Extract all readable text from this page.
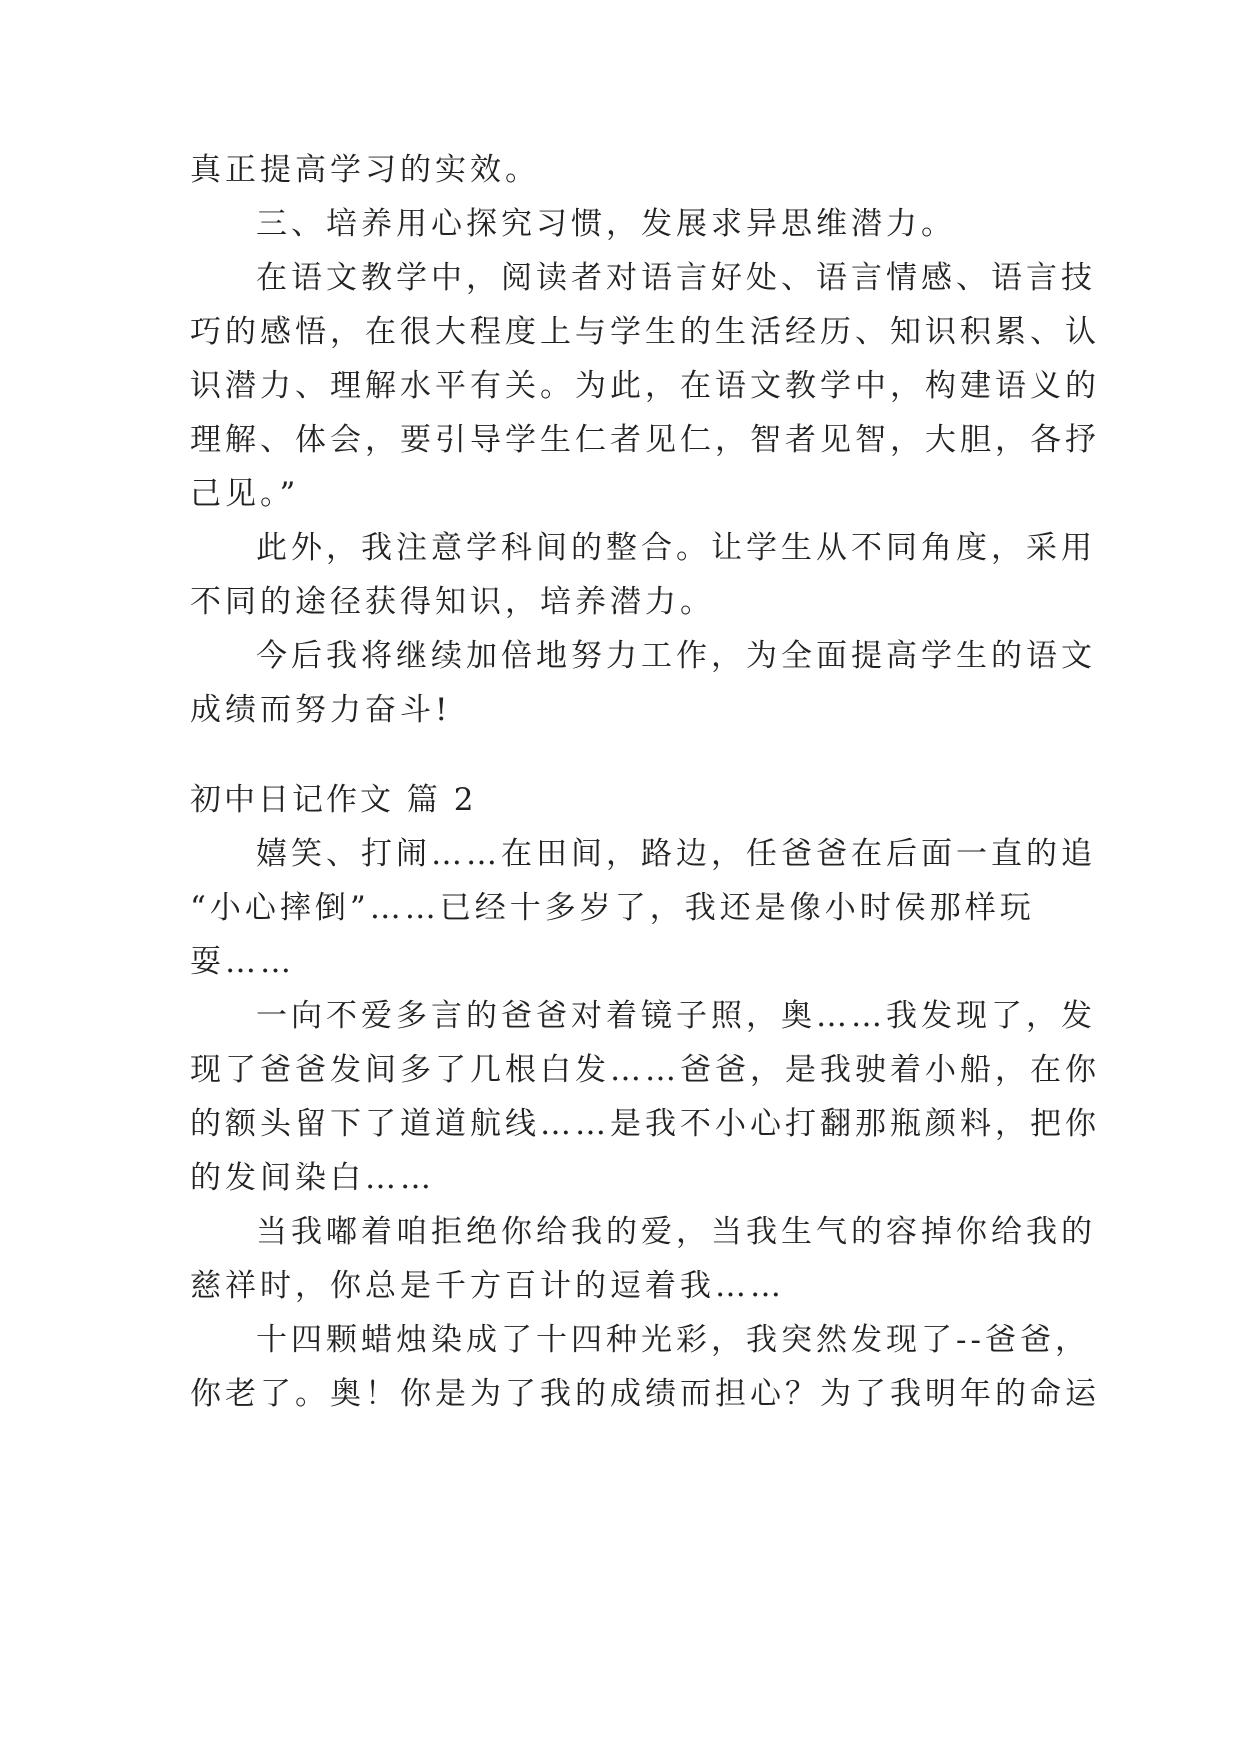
真正提高学习的实效。
三、培养用心探究习惯，发展求异思维潜力。
在语文教学中，阅读者对语言好处、语言情感、语言技
巧的感悟，在很大程度上与学生的生活经历、知识积累、认
识潜力、理解水平有关。为此，在语文教学中，构建语义的
理解、体会，要引导学生仁者见仁，智者见智，大胆，各抒
己见。”
此外，我注意学科间的整合。让学生从不同角度，采用
不同的途径获得知识，培养潜力。
今后我将继续加倍地努力工作，为全面提高学生的语文
成绩而努力奋斗!
初中日记作文 篇 2
嬉笑、打闹……在田间，路边，任爸爸在后面一直的追
“小心摔倒”……已经十多岁了，我还是像小时侯那样玩
耍……
一向不爱多言的爸爸对着镜子照，奥……我发现了，发
现了爸爸发间多了几根白发……爸爸，是我驶着小船，在你
的额头留下了道道航线……是我不小心打翻那瓶颜料，把你
的发间染白……
当我嘟着咱拒绝你给我的爱，当我生气的容掉你给我的
慈祥时，你总是千方百计的逗着我……
十四颗蜡烛染成了十四种光彩，我突然发现了--爸爸，
你老了。奥！你是为了我的成绩而担心？为了我明年的命运
